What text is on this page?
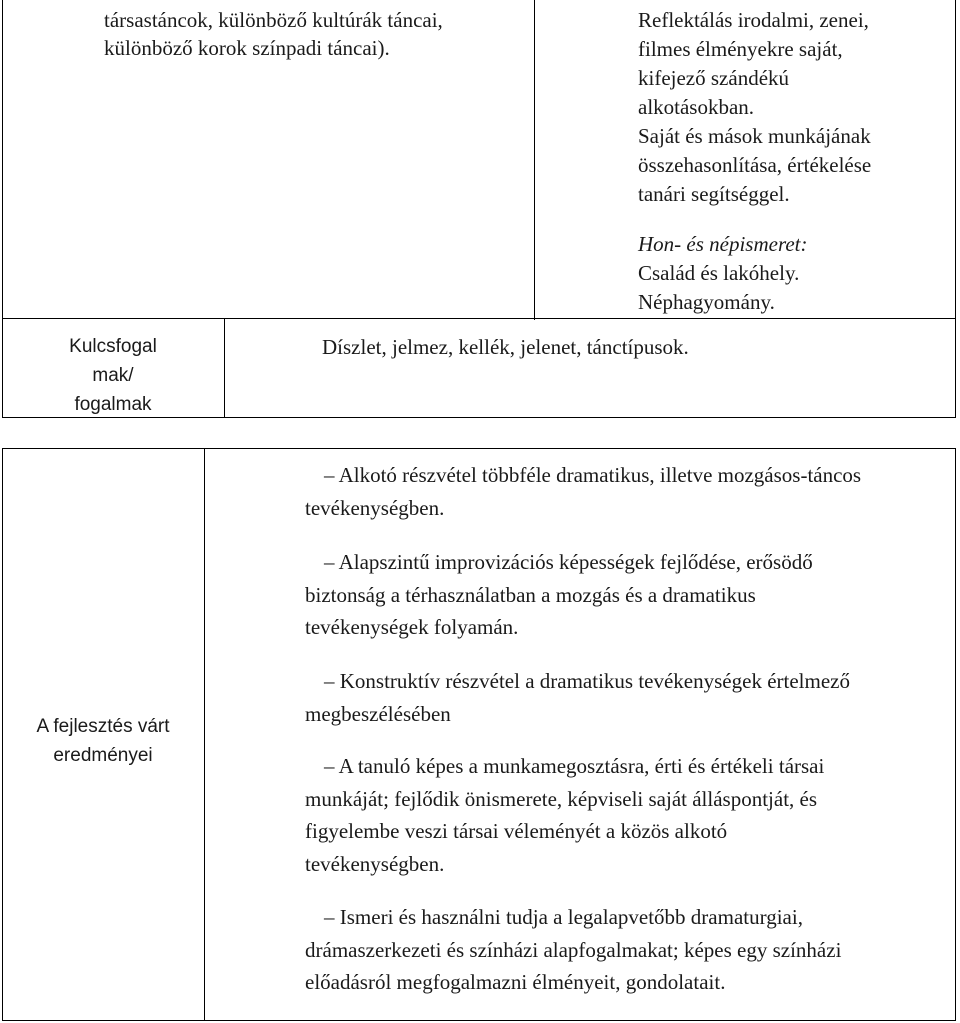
társastáncok, különböző kultúrák táncai,
különböző korok színpadi táncai).
Reflektálás irodalmi, zenei,
filmes élményekre saját,
kifejező szándékú
alkotásokban.
Saját és mások munkájának
összehasonlítása, értékelése
tanári segítséggel.
Hon- és népismeret:
Család és lakóhely.
Néphagyomány.
Kulcsfogal
mak/
fogalmak
Díszlet, jelmez, kellék, jelenet, tánctípusok.
A fejlesztés várt
eredményei
– Alkotó részvétel többféle dramatikus, illetve mozgásos-táncos
tevékenységben.
– Alapszintű improvizációs képességek fejlődése, erősödő
biztonság a térhasználatban a mozgás és a dramatikus
tevékenységek folyamán.
– Konstruktív részvétel a dramatikus tevékenységek értelmező
megbeszélésében
– A tanuló képes a munkamegosztásra, érti és értékeli társai
munkáját; fejlődik önismerete, képviseli saját álláspontját, és
figyelembe veszi társai véleményét a közös alkotó
tevékenységben.
– Ismeri és használni tudja a legalapvetőbb dramaturgiai,
drámaszerkezeti és színházi alapfogalmakat; képes egy színházi
előadásról megfogalmazni élményeit, gondolatait.
